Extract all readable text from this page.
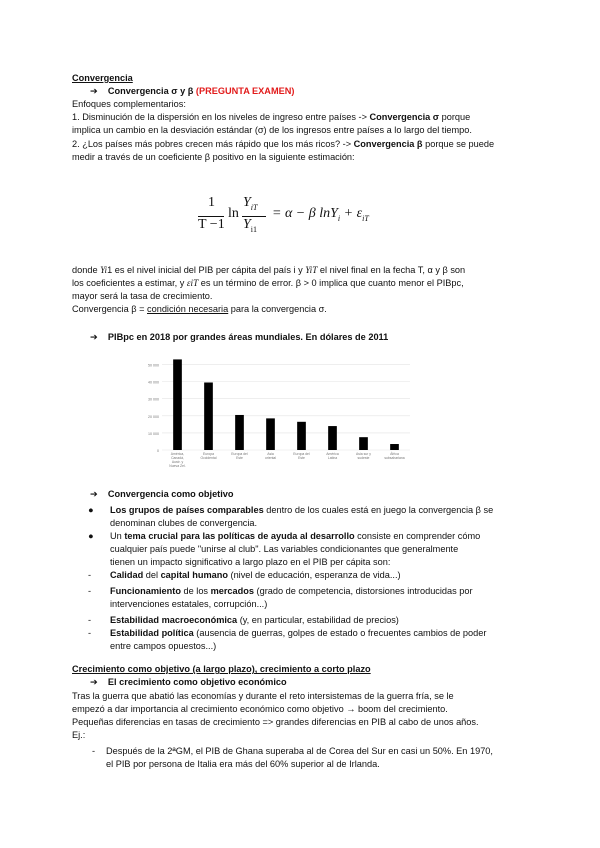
Convergencia
➔ Convergencia σ y β (PREGUNTA EXAMEN)
Enfoques complementarios:
1. Disminución de la dispersión en los niveles de ingreso entre países -> Convergencia σ porque
implica un cambio en la desviación estándar (σ) de los ingresos entre países a lo largo del tiempo.
2. ¿Los países más pobres crecen más rápido que los más ricos? -> Convergencia β porque se puede
medir a través de un coeficiente β positivo en la siguiente estimación:
1
T −1
ln
$Y_{iT}$
$Y_{i1}$
= α − β $\ln Y_i + \varepsilon_{iT}$
donde Yi1 es el nivel inicial del PIB per cápita del país i y YiT el nivel final en la fecha T, α y β son
los coeficientes a estimar, y εiT es un término de error. β > 0 implica que cuanto menor el PIBpc,
mayor será la tasa de crecimiento.
Convergencia β = condición necesaria para la convergencia σ.
➔ PIBpc en 2018 por grandes áreas mundiales. En dólares de 2011
0
10 000
20 000
30 000
40 000
50 000
América,
Canadá,
Austr. y
Nueva Zel.
Europa
Occidental
Europa del
Este
Asia
oriental
Europa del
Este
América
Latina
Asia sur y
sudeste
África
subsahariana
➔ Convergencia como objetivo
● Los grupos de países comparables dentro de los cuales está en juego la convergencia β se
denominan clubes de convergencia.
● Un tema crucial para las políticas de ayuda al desarrollo consiste en comprender cómo
cualquier país puede "unirse al club". Las variables condicionantes que generalmente
tienen un impacto significativo a largo plazo en el PIB per cápita son:
- Calidad del capital humano (nivel de educación, esperanza de vida...)
- Funcionamiento de los mercados (grado de competencia, distorsiones introducidas por
intervenciones estatales, corrupción...)
- Estabilidad macroeconómica (y, en particular, estabilidad de precios)
- Estabilidad política (ausencia de guerras, golpes de estado o frecuentes cambios de poder
entre campos opuestos...)
Crecimiento como objetivo (a largo plazo), crecimiento a corto plazo
➔ El crecimiento como objetivo económico
Tras la guerra que abatió las economías y durante el reto intersistemas de la guerra fría, se le
empezó a dar importancia al crecimiento económico como objetivo → boom del crecimiento.
Pequeñas diferencias en tasas de crecimiento => grandes diferencias en PIB al cabo de unos años.
Ej.:
- Después de la 2ªGM, el PIB de Ghana superaba al de Corea del Sur en casi un 50%. En 1970,
el PIB por persona de Italia era más del 60% superior al de Irlanda.
